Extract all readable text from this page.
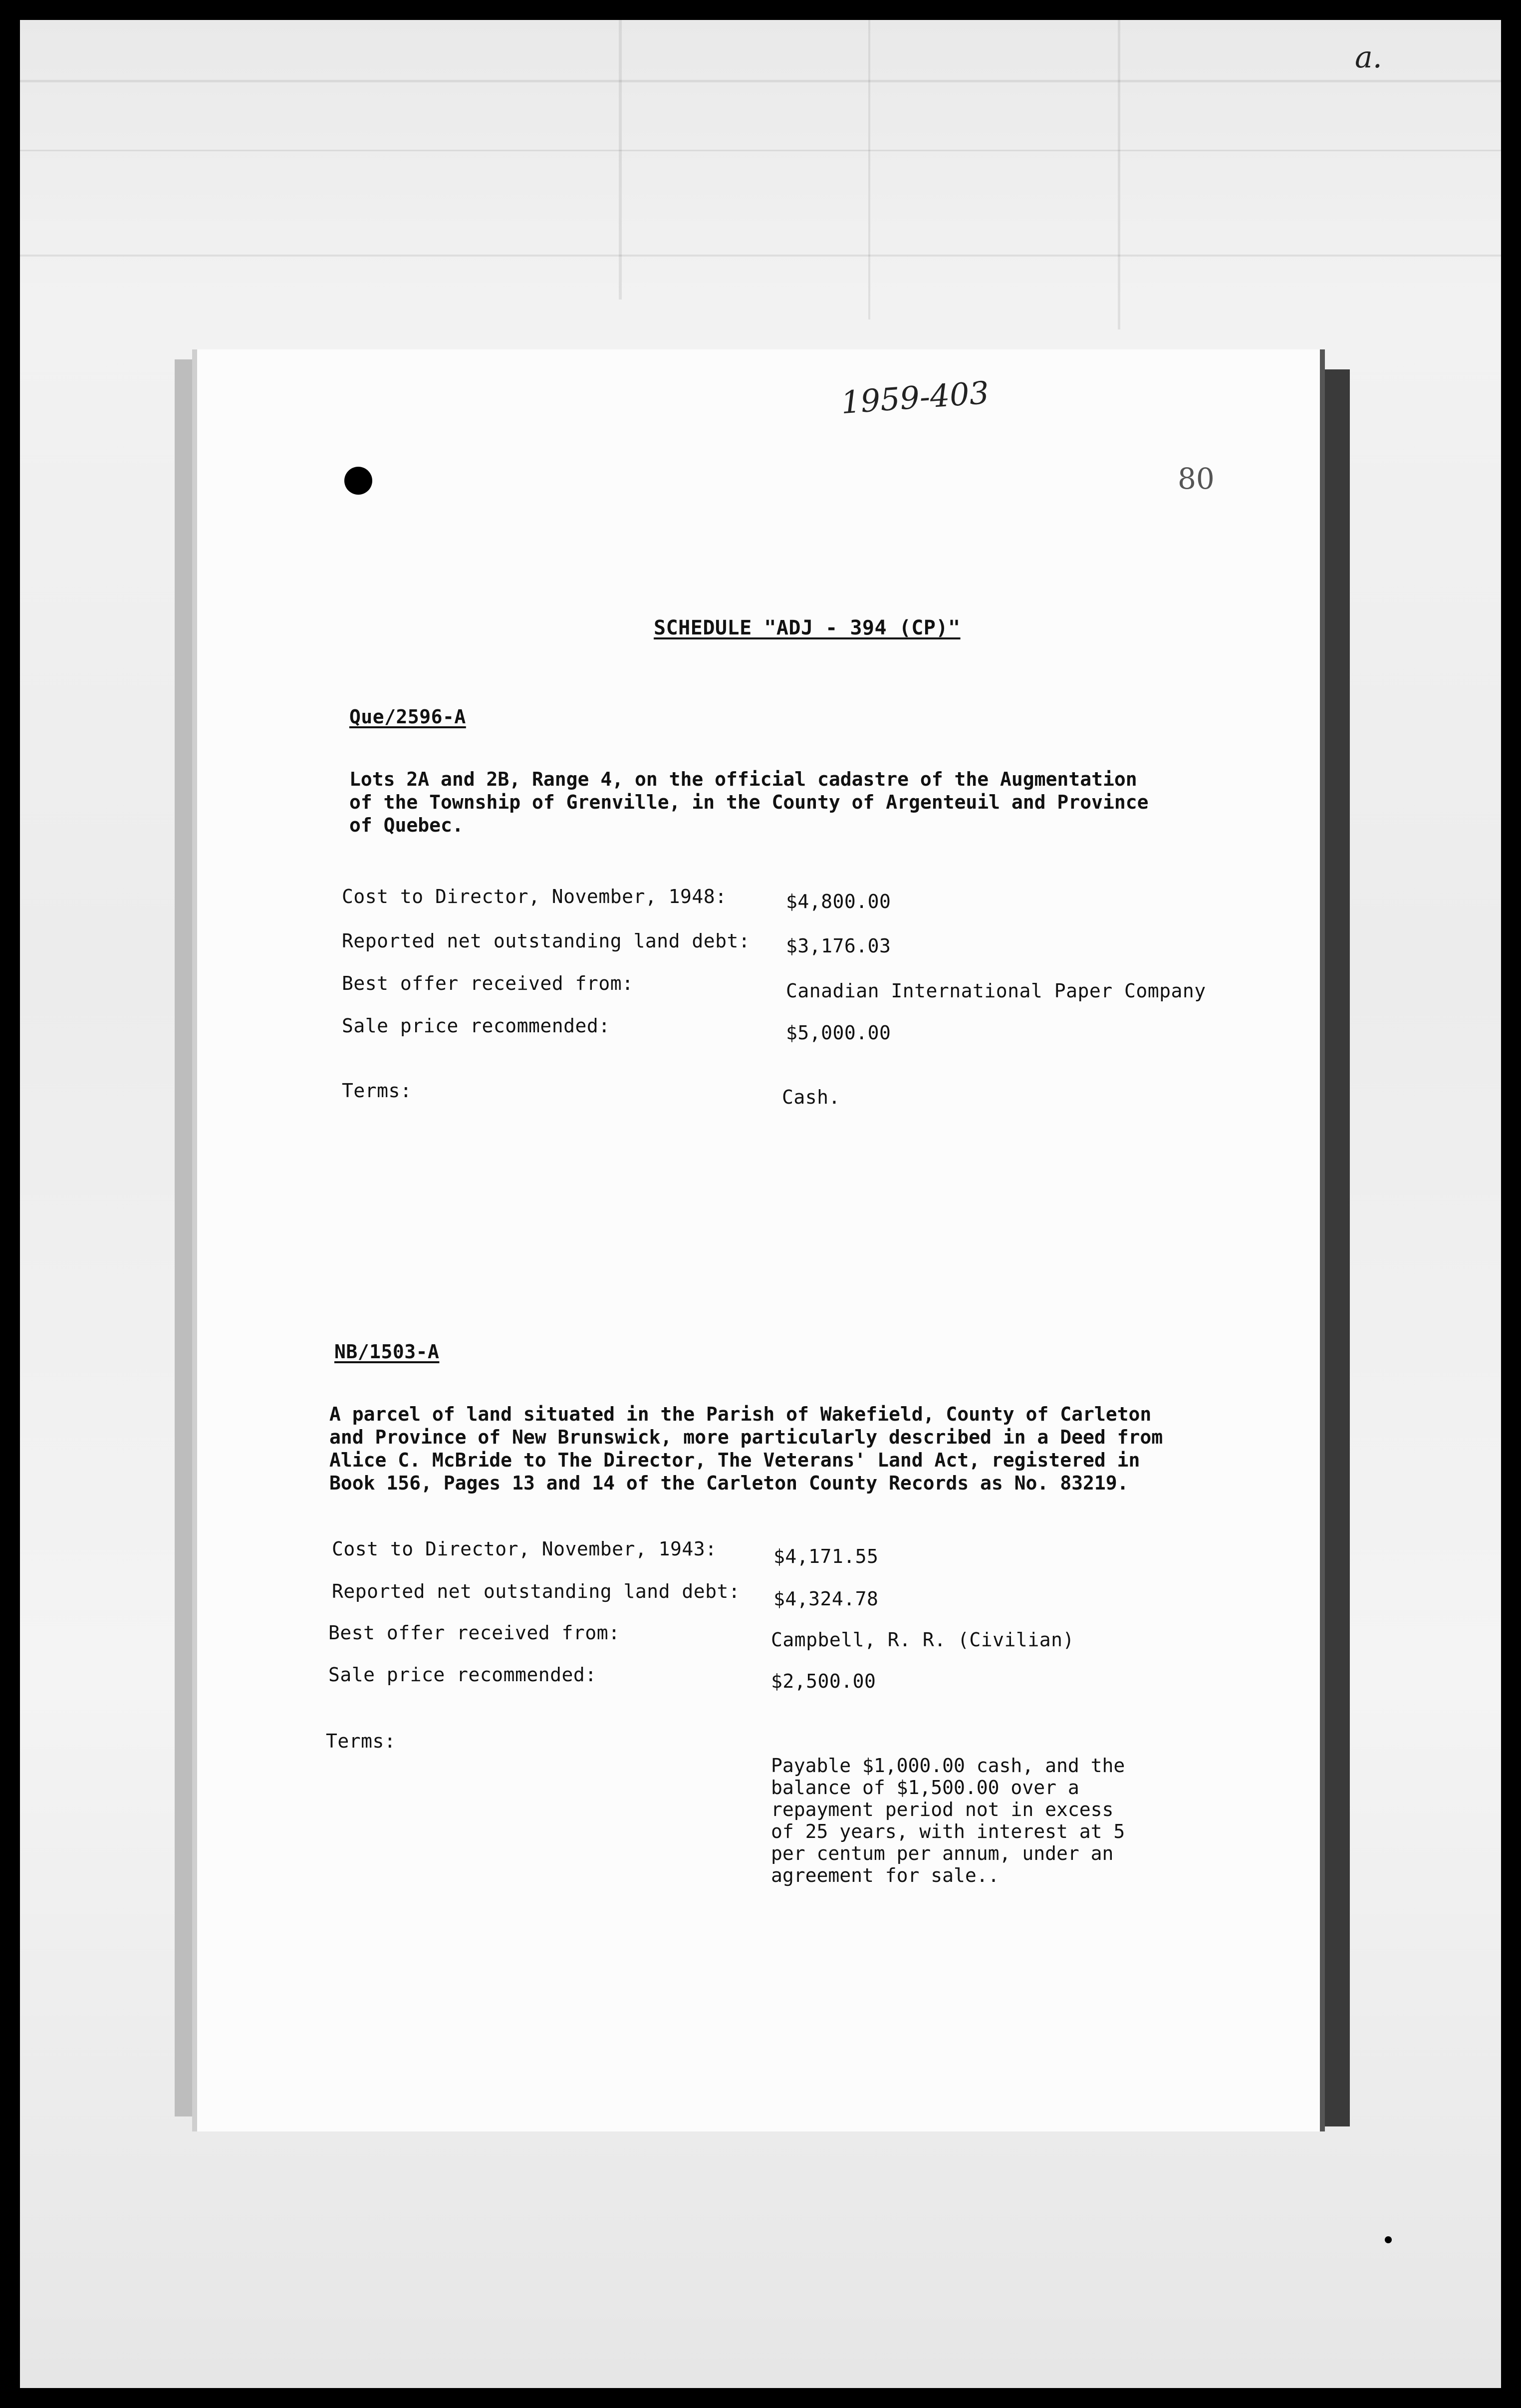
a.
1959-403
80
SCHEDULE "ADJ - 394 (CP)"
Que/2596-A
Lots 2A and 2B, Range 4, on the official cadastre of the Augmentation
of the Township of Grenville, in the County of Argenteuil and Province
of Quebec.
Cost to Director, November, 1948:	$4,800.00
Reported net outstanding land debt: $3,176.03
Best offer received from:	Canadian International Paper Company
Sale price recommended:	$5,000.00
Terms:	Cash.
NB/1503-A
A parcel of land situated in the Parish of Wakefield, County of Carleton
and Province of New Brunswick, more particularly described in a Deed from
Alice C. McBride to The Director, The Veterans' Land Act, registered in
Book 156, Pages 13 and 14 of the Carleton County Records as No. 83219.
Cost to Director, November, 1943:	$4,171.55
Reported net outstanding land debt: $4,324.78
Best offer received from:	Campbell, R. R. (Civilian)
Sale price recommended:	$2,500.00
Terms:
Payable $1,000.00 cash, and the
balance of $1,500.00 over a
repayment period not in excess
of 25 years, with interest at 5
per centum per annum, under an
agreement for sale..
